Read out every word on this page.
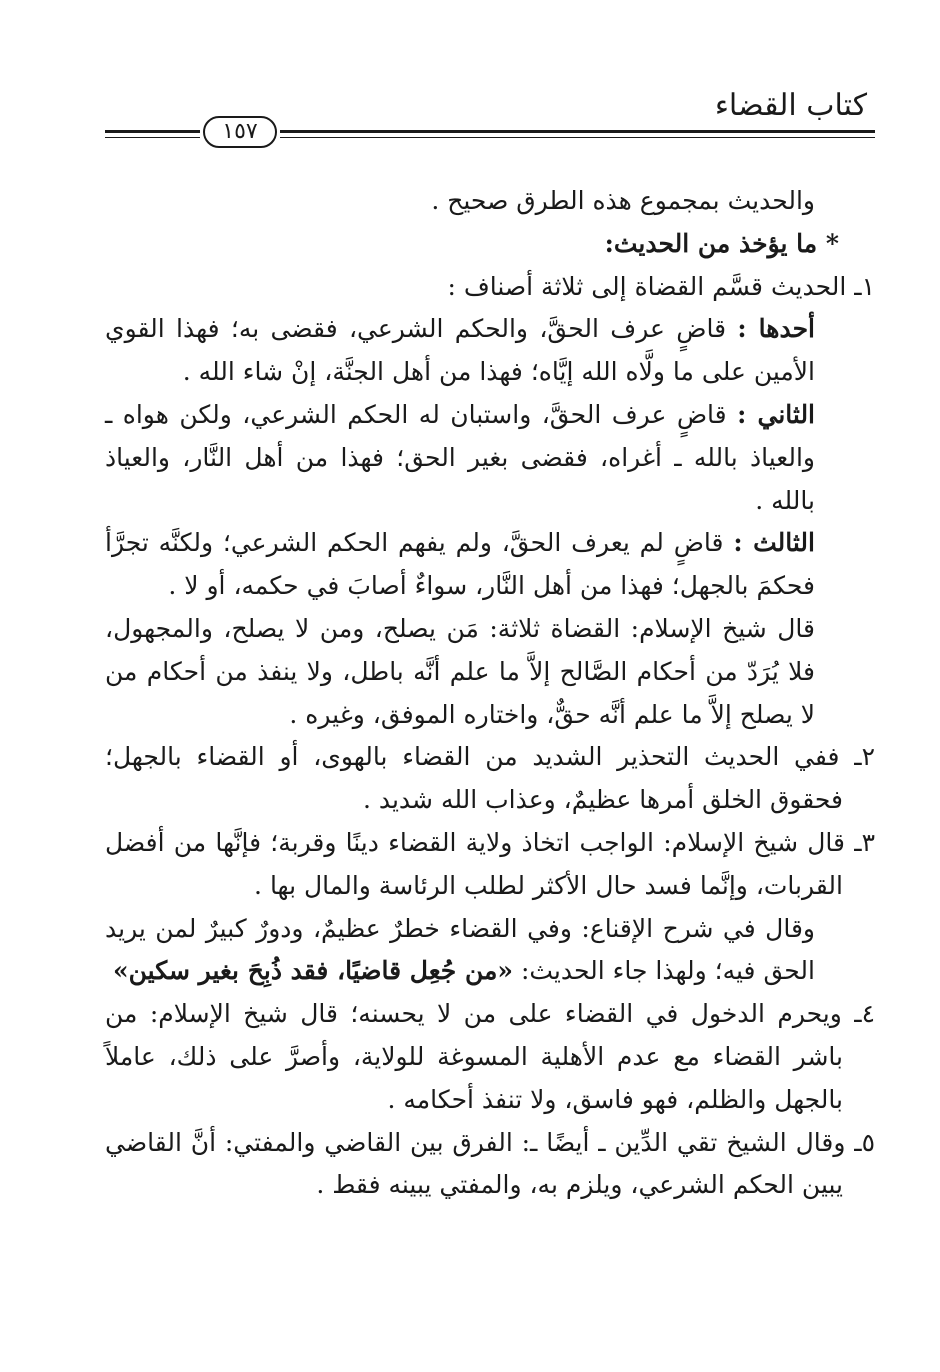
كتاب القضاء
١٥٧

والحديث بمجموع هذه الطرق صحيح .

* ما يؤخذ من الحديث:

١ـ الحديث قسَّم القضاة إلى ثلاثة أصناف :

أحدها : قاضٍ عرف الحقَّ، والحكم الشرعي، فقضى به؛ فهذا القوي الأمين على ما ولَّاه الله إيَّاه؛ فهذا من أهل الجنَّة، إنْ شاء الله .

الثاني : قاضٍ عرف الحقَّ، واستبان له الحكم الشرعي، ولكن هواه ـ والعياذ بالله ـ أغراه، فقضى بغير الحق؛ فهذا من أهل النَّار، والعياذ بالله .

الثالث : قاضٍ لم يعرف الحقَّ، ولم يفهم الحكم الشرعي؛ ولكنَّه تجرَّأ فحكمَ بالجهل؛ فهذا من أهل النَّار، سواءٌ أصابَ في حكمه، أو لا .

قال شيخ الإسلام: القضاة ثلاثة: مَن يصلح، ومن لا يصلح، والمجهول، فلا يُرَدّ من أحكام الصَّالح إلاَّ ما علم أنَّه باطل، ولا ينفذ من أحكام من لا يصلح إلاَّ ما علم أنَّه حقٌّ، واختاره الموفق، وغيره .

٢ـ ففي الحديث التحذير الشديد من القضاء بالهوى، أو القضاء بالجهل؛ فحقوق الخلق أمرها عظيمٌ، وعذاب الله شديد .

٣ـ قال شيخ الإسلام: الواجب اتخاذ ولاية القضاء دينًا وقربة؛ فإنَّها من أفضل القربات، وإنَّما فسد حال الأكثر لطلب الرئاسة والمال بها .

وقال في شرح الإقناع: وفي القضاء خطرٌ عظيمٌ، ودورٌ كبيرٌ لمن يريد الحق فيه؛ ولهذا جاء الحديث: «من جُعِل قاضيًا، فقد ذُبِحَ بغير سكين»

٤ـ ويحرم الدخول في القضاء على من لا يحسنه؛ قال شيخ الإسلام: من باشر القضاء مع عدم الأهلية المسوغة للولاية، وأصرَّ على ذلك، عاملاً بالجهل والظلم، فهو فاسق، ولا تنفذ أحكامه .

٥ـ وقال الشيخ تقي الدِّين ـ أيضًا ـ: الفرق بين القاضي والمفتي: أنَّ القاضي يبين الحكم الشرعي، ويلزم به، والمفتي يبينه فقط .
